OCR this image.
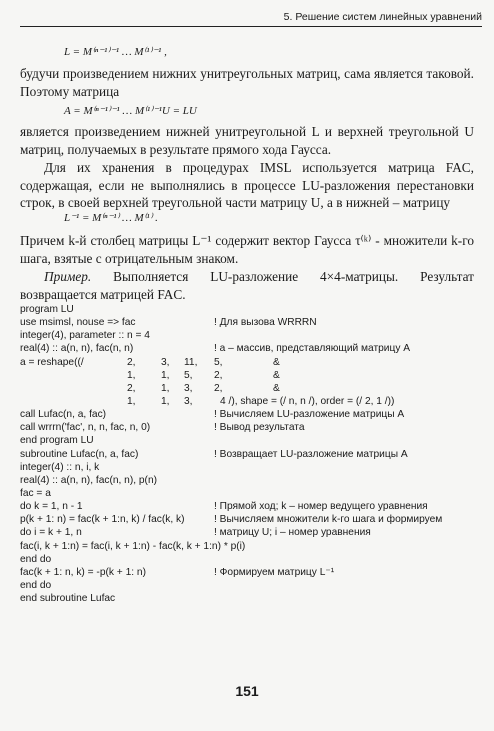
5. Решение систем линейных уравнений
L = M⁽ⁿ⁻¹⁾⁻¹ … M⁽¹⁾⁻¹ ,

будучи произведением нижних унитреугольных матриц, сама является таковой. Поэтому матрица

A = M⁽ⁿ⁻¹⁾⁻¹ … M⁽¹⁾⁻¹U = LU

является произведением нижней унитреугольной L и верхней треугольной U матриц, получаемых в результате прямого хода Гаусса.

Для их хранения в процедурах IMSL используется матрица FAC, содержащая, если не выполнялись в процессе LU-разложения перестановки строк, в своей верхней треугольной части матрицу U, а в нижней – матрицу

L⁻¹ = M⁽ⁿ⁻¹⁾ … M⁽¹⁾ .

Причем k-й столбец матрицы L⁻¹ содержит вектор Гаусса τ⁽ᵏ⁾ - множители k-го шага, взятые с отрицательным знаком.

Пример. Выполняется LU-разложение 4×4-матрицы. Результат возвращается матрицей FAC.

program LU
use msimsl, nouse => fac	! Для вызова WRRRN
integer(4), parameter :: n = 4
real(4) :: a(n, n), fac(n, n)	! a – массив, представляющий матрицу A
a = reshape((/	2,	3, 11, 5,	&
1,	1, 5, 2,	&
2,	1, 3, 2,	&
1,	1, 3,	4 /), shape = (/ n, n /), order = (/ 2, 1 /))
call Lufac(n, a, fac)	! Вычисляем LU-разложение матрицы A
call wrrrn('fac', n, n, fac, n, 0)	! Вывод результата
end program LU
subroutine Lufac(n, a, fac)	! Возвращает LU-разложение матрицы A
integer(4) :: n, i, k
real(4) :: a(n, n), fac(n, n), p(n)
fac = a
do k = 1, n - 1	! Прямой ход; k – номер ведущего уравнения
p(k + 1: n) = fac(k + 1:n, k) / fac(k, k)	! Вычисляем множители k-го шага и формируем
do i = k + 1, n	! матрицу U; i – номер уравнения
fac(i, k + 1:n) = fac(i, k + 1:n) - fac(k, k + 1:n) * p(i)
end do
fac(k + 1: n, k) = -p(k + 1: n)	! Формируем матрицу L⁻¹
end do
end subroutine Lufac
151
